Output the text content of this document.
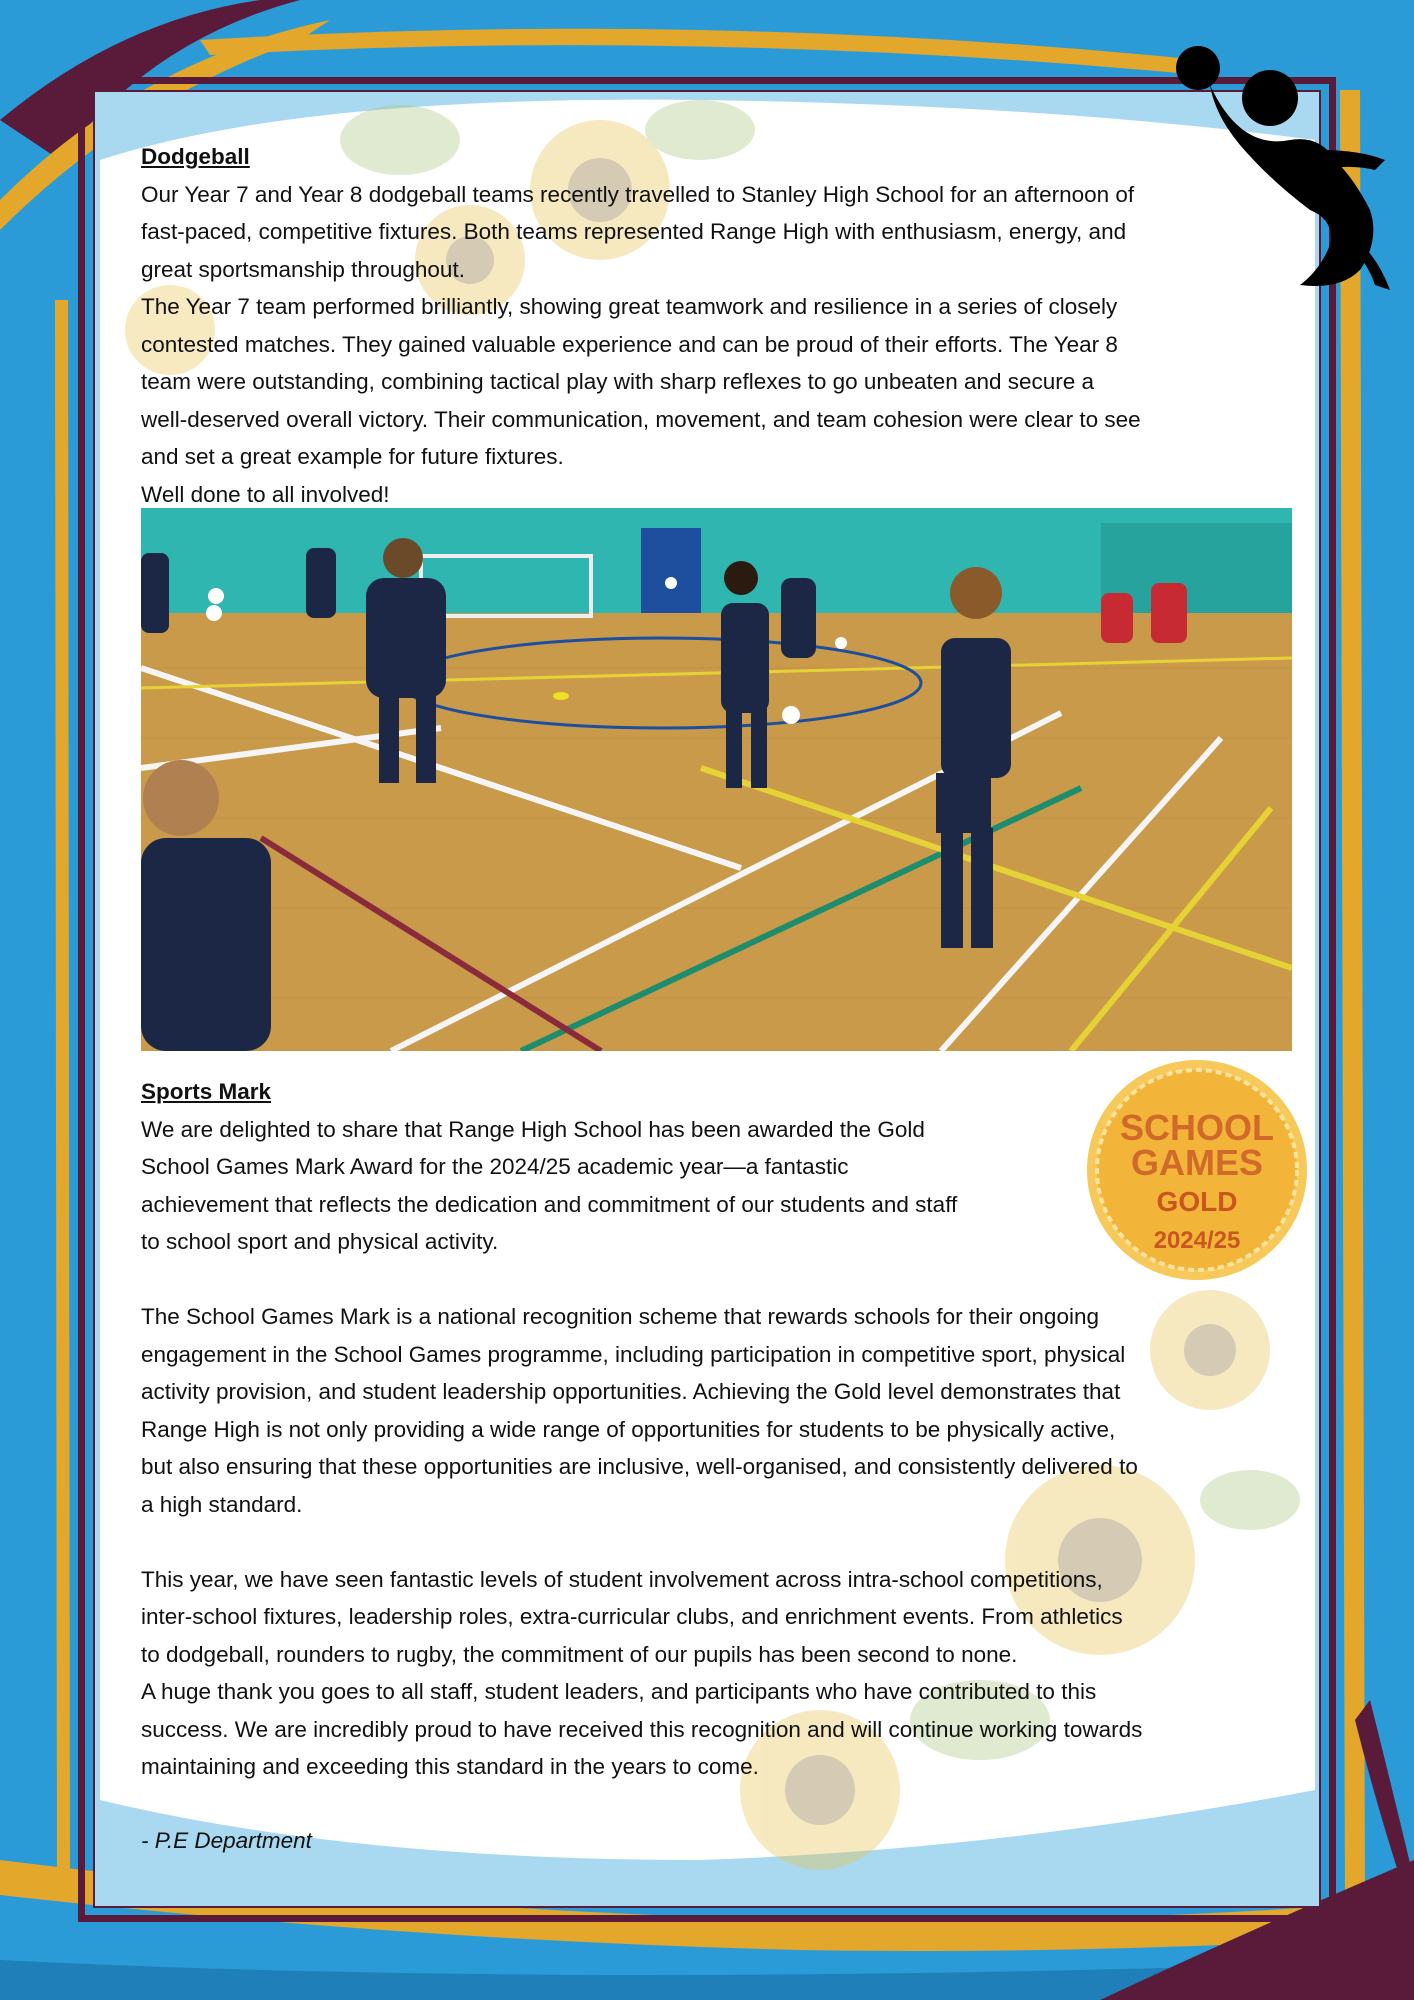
Dodgeball

Our Year 7 and Year 8 dodgeball teams recently travelled to Stanley High School for an afternoon of

fast-paced, competitive fixtures. Both teams represented Range High with enthusiasm, energy, and

great sportsmanship throughout.

The Year 7 team performed brilliantly, showing great teamwork and resilience in a series of closely

contested matches. They gained valuable experience and can be proud of their efforts. The Year 8

team were outstanding, combining tactical play with sharp reflexes to go unbeaten and secure a

well-deserved overall victory. Their communication, movement, and team cohesion were clear to see

and set a great example for future fixtures.

Well done to all involved!

Sports Mark

We are delighted to share that Range High School has been awarded the Gold

School Games Mark Award for the 2024/25 academic year—a fantastic

achievement that reflects the dedication and commitment of our students and staff

to school sport and physical activity.

The School Games Mark is a national recognition scheme that rewards schools for their ongoing

engagement in the School Games programme, including participation in competitive sport, physical

activity provision, and student leadership opportunities. Achieving the Gold level demonstrates that

Range High is not only providing a wide range of opportunities for students to be physically active,

but also ensuring that these opportunities are inclusive, well-organised, and consistently delivered to

a high standard.

This year, we have seen fantastic levels of student involvement across intra-school competitions,

inter-school fixtures, leadership roles, extra-curricular clubs, and enrichment events. From athletics

to dodgeball, rounders to rugby, the commitment of our pupils has been second to none.

A huge thank you goes to all staff, student leaders, and participants who have contributed to this

success. We are incredibly proud to have received this recognition and will continue working towards

maintaining and exceeding this standard in the years to come.

- P.E Department

SCHOOL
GAMES
GOLD
2024/25
